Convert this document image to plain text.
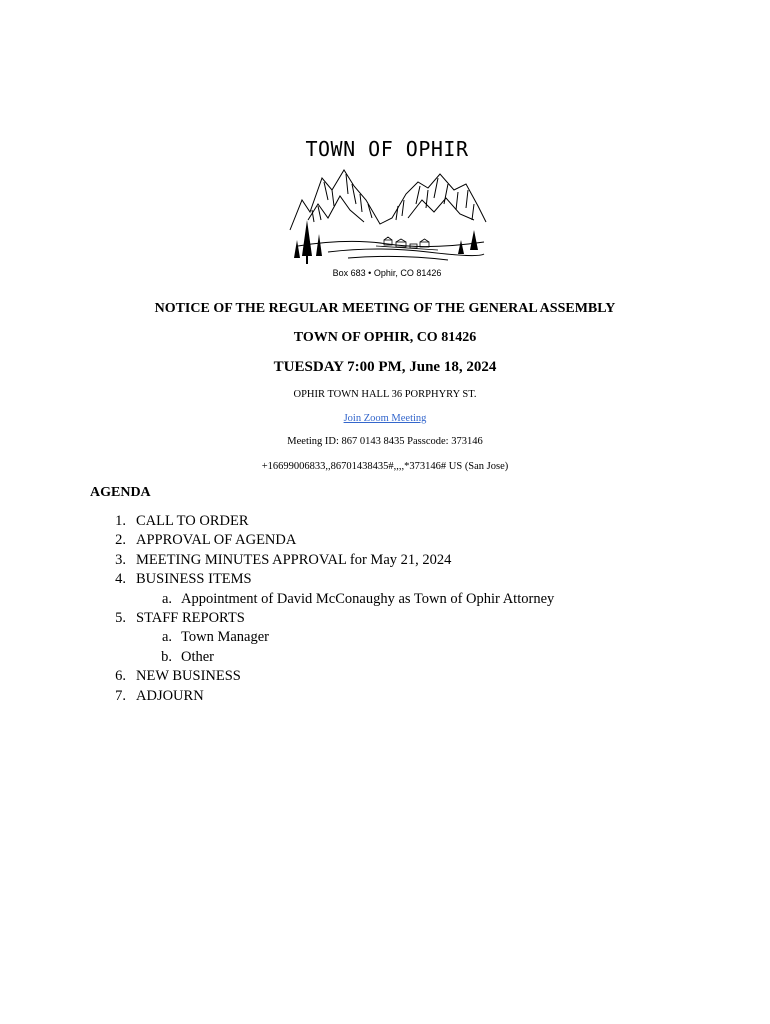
TOWN OF OPHIR
Box 683 • Ophir, CO 81426
NOTICE OF THE REGULAR MEETING OF THE GENERAL ASSEMBLY
TOWN OF OPHIR, CO 81426
TUESDAY 7:00 PM, June 18, 2024
OPHIR TOWN HALL 36 PORPHYRY ST.
Join Zoom Meeting
Meeting ID: 867 0143 8435 Passcode: 373146
+16699006833,,86701438435#,,,,*373146# US (San Jose)
AGENDA
1. CALL TO ORDER
2. APPROVAL OF AGENDA
3. MEETING MINUTES APPROVAL for May 21, 2024
4. BUSINESS ITEMS
a. Appointment of David McConaughy as Town of Ophir Attorney
5. STAFF REPORTS
a. Town Manager
b. Other
6. NEW BUSINESS
7. ADJOURN
